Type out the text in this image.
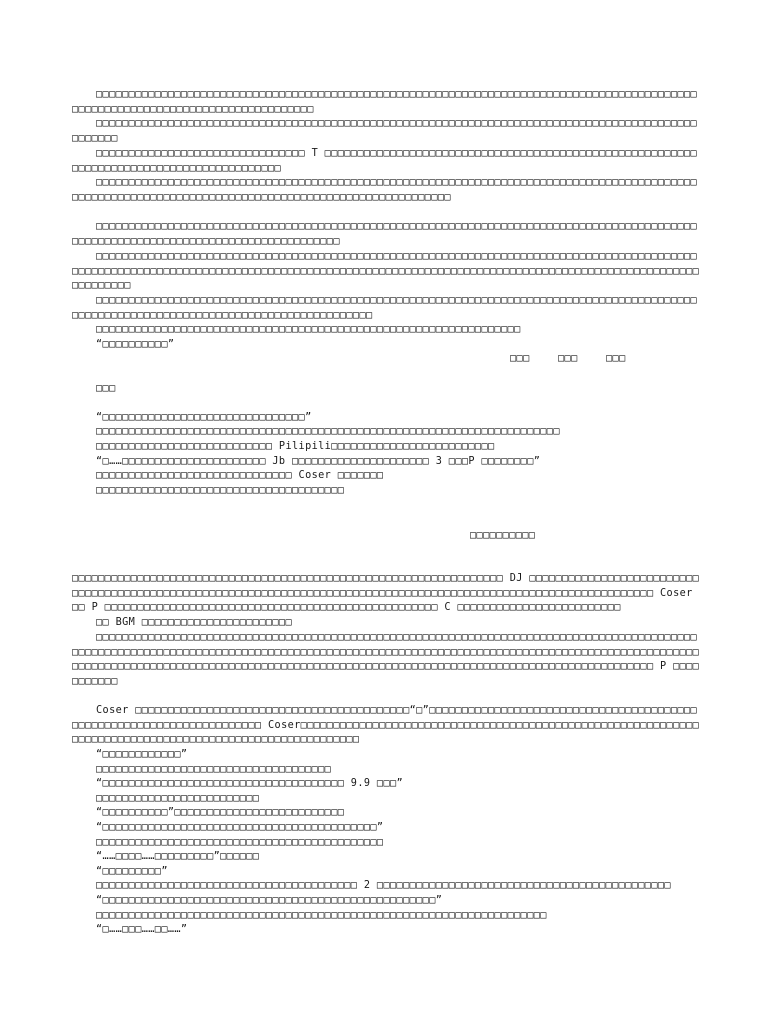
□□□□□□□□□□□□□□□□□□□□□□□□□□□□□□□□□□□□□□□□□□□□□□□□□□□□□□□□□□□□□□□□□□□□□□□□□□□□□□□□□□□□□□□□□□□□□□□□□□□□□□□□□□□□□□□□□□□□□□□□□□□□□□□□□

□□□□□□□□□□□□□□□□□□□□□□□□□□□□□□□□□□□□□□□□□□□□□□□□□□□□□□□□□□□□□□□□□□□□□□□□□□□□□□□□□□□□□□□□□□□□□□□□□□□

□□□□□□□□□□□□□□□□□□□□□□□□□□□□□□□□ T □□□□□□□□□□□□□□□□□□□□□□□□□□□□□□□□□□□□□□□□□□□□□□□□□□□□□□□□□□□□□□□□□□□□□□□□□□□□□□□□□□□□□□□□□

□□□□□□□□□□□□□□□□□□□□□□□□□□□□□□□□□□□□□□□□□□□□□□□□□□□□□□□□□□□□□□□□□□□□□□□□□□□□□□□□□□□□□□□□□□□□□□□□□□□□□□□□□□□□□□□□□□□□□□□□□□□□□□□□□□□□□□□□□□□□□□□□□□□□□□

□□□□□□□□□□□□□□□□□□□□□□□□□□□□□□□□□□□□□□□□□□□□□□□□□□□□□□□□□□□□□□□□□□□□□□□□□□□□□□□□□□□□□□□□□□□□□□□□□□□□□□□□□□□□□□□□□□□□□□□□□□□□□□□□□□□□□

□□□□□□□□□□□□□□□□□□□□□□□□□□□□□□□□□□□□□□□□□□□□□□□□□□□□□□□□□□□□□□□□□□□□□□□□□□□□□□□□□□□□□□□□□□□□□□□□□□□□□□□□□□□□□□□□□□□□□□□□□□□□□□□□□□□□□□□□□□□□□□□□□□□□□□□□□□□□□□□□□□□□□□□□□□□□□□□□□□□□□□□□□□□□□□□□□□□□□

□□□□□□□□□□□□□□□□□□□□□□□□□□□□□□□□□□□□□□□□□□□□□□□□□□□□□□□□□□□□□□□□□□□□□□□□□□□□□□□□□□□□□□□□□□□□□□□□□□□□□□□□□□□□□□□□□□□□□□□□□□□□□□□□□□□□□□□□□□

□□□□□□□□□□□□□□□□□□□□□□□□□□□□□□□□□□□□□□□□□□□□□□□□□□□□□□□□□□□□□□□□□

“□□□□□□□□□□”

□□□	□□□	□□□

□□□

“□□□□□□□□□□□□□□□□□□□□□□□□□□□□□□□”

□□□□□□□□□□□□□□□□□□□□□□□□□□□□□□□□□□□□□□□□□□□□□□□□□□□□□□□□□□□□□□□□□□□□□□□

□□□□□□□□□□□□□□□□□□□□□□□□□□□ Pilipili□□□□□□□□□□□□□□□□□□□□□□□□□

“□……□□□□□□□□□□□□□□□□□□□□□□ Jb □□□□□□□□□□□□□□□□□□□□□ 3 □□□P □□□□□□□□”

□□□□□□□□□□□□□□□□□□□□□□□□□□□□□□ Coser □□□□□□□

□□□□□□□□□□□□□□□□□□□□□□□□□□□□□□□□□□□□□□

□□□□□□□□□□

□□□□□□□□□□□□□□□□□□□□□□□□□□□□□□□□□□□□□□□□□□□□□□□□□□□□□□□□□□□□□□□□□□ DJ □□□□□□□□□□□□□□□□□□□□□□□□□□□□□□□□□□□□□□□□□□□□□□□□□□□□□□□□□□□□□□□□□□□□□□□□□□□□□□□□□□□□□□□□□□□□□□□□□□□□□□□□□□□□□□□□□□□ Coser □□ P □□□□□□□□□□□□□□□□□□□□□□□□□□□□□□□□□□□□□□□□□□□□□□□□□□□ C □□□□□□□□□□□□□□□□□□□□□□□□□

□□ BGM □□□□□□□□□□□□□□□□□□□□□□□

□□□□□□□□□□□□□□□□□□□□□□□□□□□□□□□□□□□□□□□□□□□□□□□□□□□□□□□□□□□□□□□□□□□□□□□□□□□□□□□□□□□□□□□□□□□□□□□□□□□□□□□□□□□□□□□□□□□□□□□□□□□□□□□□□□□□□□□□□□□□□□□□□□□□□□□□□□□□□□□□□□□□□□□□□□□□□□□□□□□□□□□□□□□□□□□□□□□□□□□□□□□□□□□□□□□□□□□□□□□□□□□□□□□□□□□□□□□□□□□□□□□□□□□□□□□□□□□□□□□□□□□□□□□□□□□□□□□□□ P □□□□□□□□□□□

Coser □□□□□□□□□□□□□□□□□□□□□□□□□□□□□□□□□□□□□□□□□□“□”□□□□□□□□□□□□□□□□□□□□□□□□□□□□□□□□□□□□□□□□□□□□□□□□□□□□□□□□□□□□□□□□□□□□□□ Coser□□□□□□□□□□□□□□□□□□□□□□□□□□□□□□□□□□□□□□□□□□□□□□□□□□□□□□□□□□□□□□□□□□□□□□□□□□□□□□□□□□□□□□□□□□□□□□□□□□□□□□□□□

“□□□□□□□□□□□□”

□□□□□□□□□□□□□□□□□□□□□□□□□□□□□□□□□□□□

“□□□□□□□□□□□□□□□□□□□□□□□□□□□□□□□□□□□□□ 9.9 □□□”

□□□□□□□□□□□□□□□□□□□□□□□□□

“□□□□□□□□□□”□□□□□□□□□□□□□□□□□□□□□□□□□□

“□□□□□□□□□□□□□□□□□□□□□□□□□□□□□□□□□□□□□□□□□□”

□□□□□□□□□□□□□□□□□□□□□□□□□□□□□□□□□□□□□□□□□□□□

“……□□□□……□□□□□□□□□”□□□□□□

“□□□□□□□□□”

□□□□□□□□□□□□□□□□□□□□□□□□□□□□□□□□□□□□□□□□ 2 □□□□□□□□□□□□□□□□□□□□□□□□□□□□□□□□□□□□□□□□□□□□□

“□□□□□□□□□□□□□□□□□□□□□□□□□□□□□□□□□□□□□□□□□□□□□□□□□□□”

□□□□□□□□□□□□□□□□□□□□□□□□□□□□□□□□□□□□□□□□□□□□□□□□□□□□□□□□□□□□□□□□□□□□□

“□……□□□……□□……”
